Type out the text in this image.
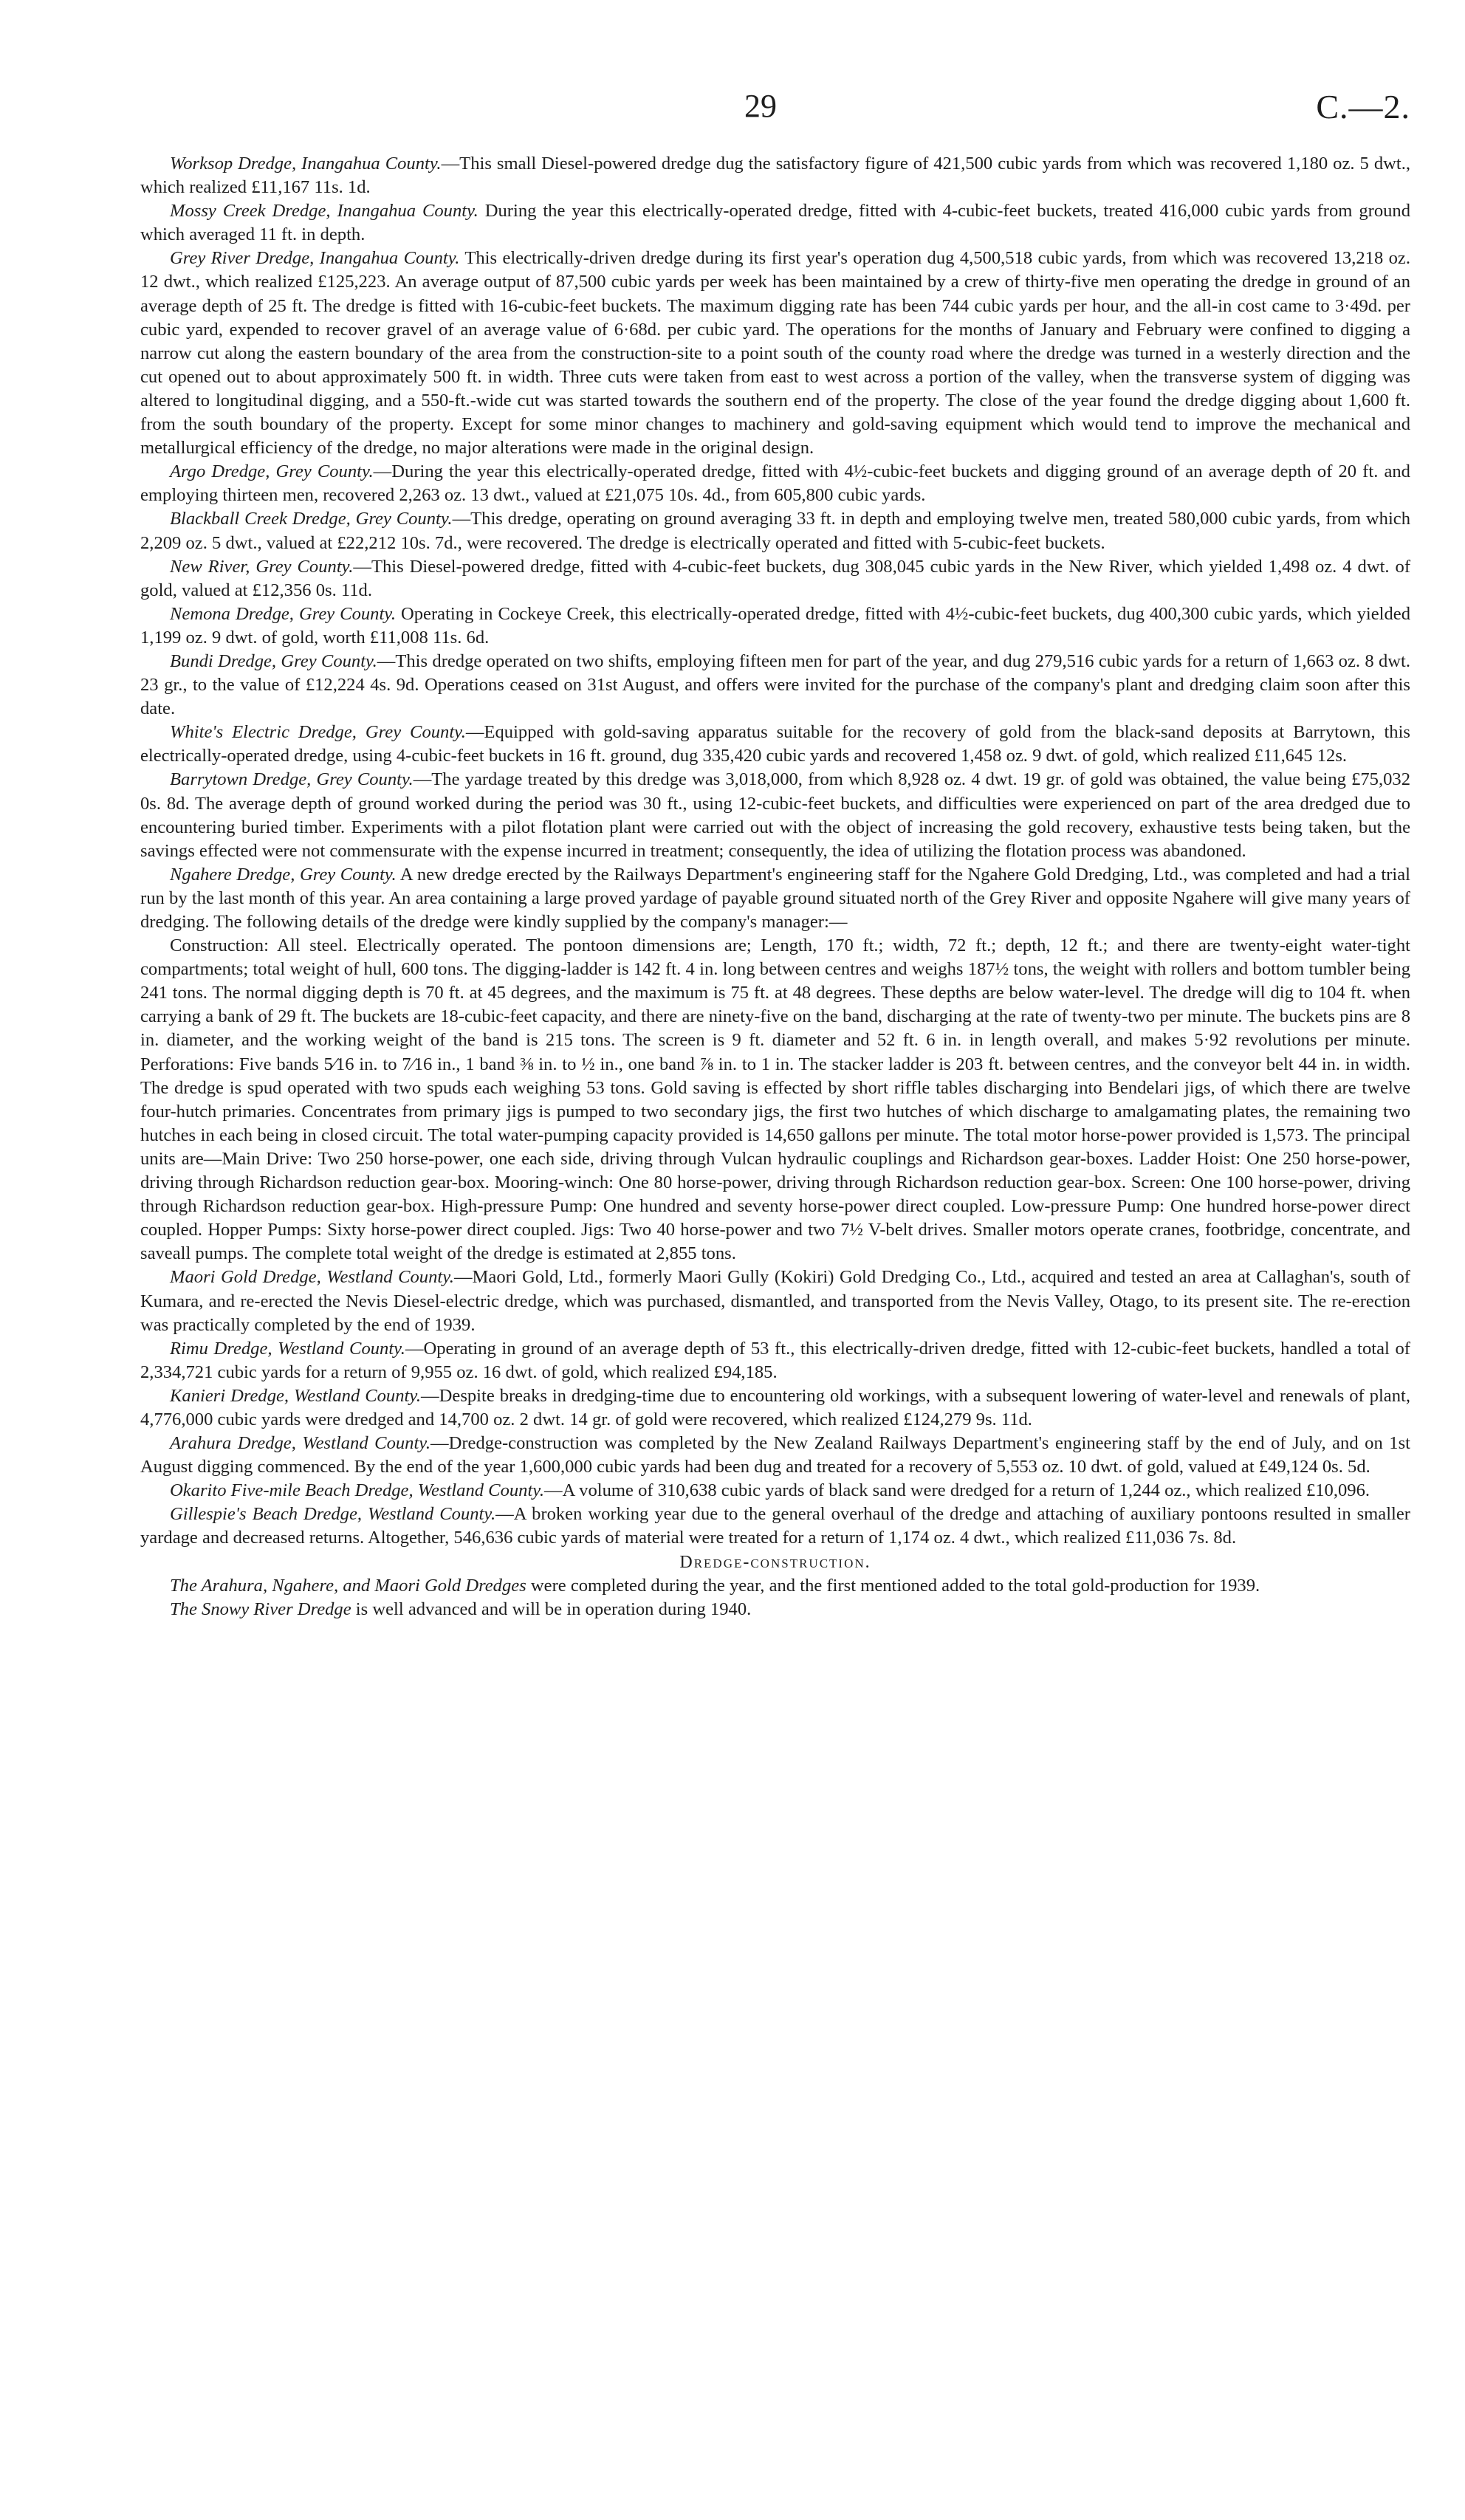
29	C.—2.

Worksop Dredge, Inangahua County.—This small Diesel-powered dredge dug the satisfactory figure of 421,500 cubic yards from which was recovered 1,180 oz. 5 dwt., which realized £11,167 11s. 1d.

Mossy Creek Dredge, Inangahua County. During the year this electrically-operated dredge, fitted with 4-cubic-feet buckets, treated 416,000 cubic yards from ground which averaged 11 ft. in depth.

Grey River Dredge, Inangahua County. This electrically-driven dredge during its first year's operation dug 4,500,518 cubic yards, from which was recovered 13,218 oz. 12 dwt., which realized £125,223. An average output of 87,500 cubic yards per week has been maintained by a crew of thirty-five men operating the dredge in ground of an average depth of 25 ft. The dredge is fitted with 16-cubic-feet buckets. The maximum digging rate has been 744 cubic yards per hour, and the all-in cost came to 3·49d. per cubic yard, expended to recover gravel of an average value of 6·68d. per cubic yard. The operations for the months of January and February were confined to digging a narrow cut along the eastern boundary of the area from the construction-site to a point south of the county road where the dredge was turned in a westerly direction and the cut opened out to about approximately 500 ft. in width. Three cuts were taken from east to west across a portion of the valley, when the transverse system of digging was altered to longitudinal digging, and a 550-ft.-wide cut was started towards the southern end of the property. The close of the year found the dredge digging about 1,600 ft. from the south boundary of the property. Except for some minor changes to machinery and gold-saving equipment which would tend to improve the mechanical and metallurgical efficiency of the dredge, no major alterations were made in the original design.

Argo Dredge, Grey County.—During the year this electrically-operated dredge, fitted with 4½-cubic-feet buckets and digging ground of an average depth of 20 ft. and employing thirteen men, recovered 2,263 oz. 13 dwt., valued at £21,075 10s. 4d., from 605,800 cubic yards.

Blackball Creek Dredge, Grey County.—This dredge, operating on ground averaging 33 ft. in depth and employing twelve men, treated 580,000 cubic yards, from which 2,209 oz. 5 dwt., valued at £22,212 10s. 7d., were recovered. The dredge is electrically operated and fitted with 5-cubic-feet buckets.

New River, Grey County.—This Diesel-powered dredge, fitted with 4-cubic-feet buckets, dug 308,045 cubic yards in the New River, which yielded 1,498 oz. 4 dwt. of gold, valued at £12,356 0s. 11d.

Nemona Dredge, Grey County. Operating in Cockeye Creek, this electrically-operated dredge, fitted with 4½-cubic-feet buckets, dug 400,300 cubic yards, which yielded 1,199 oz. 9 dwt. of gold, worth £11,008 11s. 6d.

Bundi Dredge, Grey County.—This dredge operated on two shifts, employing fifteen men for part of the year, and dug 279,516 cubic yards for a return of 1,663 oz. 8 dwt. 23 gr., to the value of £12,224 4s. 9d. Operations ceased on 31st August, and offers were invited for the purchase of the company's plant and dredging claim soon after this date.

White's Electric Dredge, Grey County.—Equipped with gold-saving apparatus suitable for the recovery of gold from the black-sand deposits at Barrytown, this electrically-operated dredge, using 4-cubic-feet buckets in 16 ft. ground, dug 335,420 cubic yards and recovered 1,458 oz. 9 dwt. of gold, which realized £11,645 12s.

Barrytown Dredge, Grey County.—The yardage treated by this dredge was 3,018,000, from which 8,928 oz. 4 dwt. 19 gr. of gold was obtained, the value being £75,032 0s. 8d. The average depth of ground worked during the period was 30 ft., using 12-cubic-feet buckets, and difficulties were experienced on part of the area dredged due to encountering buried timber. Experiments with a pilot flotation plant were carried out with the object of increasing the gold recovery, exhaustive tests being taken, but the savings effected were not commensurate with the expense incurred in treatment; consequently, the idea of utilizing the flotation process was abandoned.

Ngahere Dredge, Grey County. A new dredge erected by the Railways Department's engineering staff for the Ngahere Gold Dredging, Ltd., was completed and had a trial run by the last month of this year. An area containing a large proved yardage of payable ground situated north of the Grey River and opposite Ngahere will give many years of dredging. The following details of the dredge were kindly supplied by the company's manager:—

Construction: All steel. Electrically operated. The pontoon dimensions are; Length, 170 ft.; width, 72 ft.; depth, 12 ft.; and there are twenty-eight water-tight compartments; total weight of hull, 600 tons. The digging-ladder is 142 ft. 4 in. long between centres and weighs 187½ tons, the weight with rollers and bottom tumbler being 241 tons. The normal digging depth is 70 ft. at 45 degrees, and the maximum is 75 ft. at 48 degrees. These depths are below water-level. The dredge will dig to 104 ft. when carrying a bank of 29 ft. The buckets are 18-cubic-feet capacity, and there are ninety-five on the band, discharging at the rate of twenty-two per minute. The buckets pins are 8 in. diameter, and the working weight of the band is 215 tons. The screen is 9 ft. diameter and 52 ft. 6 in. in length overall, and makes 5·92 revolutions per minute. Perforations: Five bands 5⁄16 in. to 7⁄16 in., 1 band ⅜ in. to ½ in., one band ⅞ in. to 1 in. The stacker ladder is 203 ft. between centres, and the conveyor belt 44 in. in width. The dredge is spud operated with two spuds each weighing 53 tons. Gold saving is effected by short riffle tables discharging into Bendelari jigs, of which there are twelve four-hutch primaries. Concentrates from primary jigs is pumped to two secondary jigs, the first two hutches of which discharge to amalgamating plates, the remaining two hutches in each being in closed circuit. The total water-pumping capacity provided is 14,650 gallons per minute. The total motor horse-power provided is 1,573. The principal units are—Main Drive: Two 250 horse-power, one each side, driving through Vulcan hydraulic couplings and Richardson gear-boxes. Ladder Hoist: One 250 horse-power, driving through Richardson reduction gear-box. Mooring-winch: One 80 horse-power, driving through Richardson reduction gear-box. Screen: One 100 horse-power, driving through Richardson reduction gear-box. High-pressure Pump: One hundred and seventy horse-power direct coupled. Low-pressure Pump: One hundred horse-power direct coupled. Hopper Pumps: Sixty horse-power direct coupled. Jigs: Two 40 horse-power and two 7½ V-belt drives. Smaller motors operate cranes, footbridge, concentrate, and saveall pumps. The complete total weight of the dredge is estimated at 2,855 tons.

Maori Gold Dredge, Westland County.—Maori Gold, Ltd., formerly Maori Gully (Kokiri) Gold Dredging Co., Ltd., acquired and tested an area at Callaghan's, south of Kumara, and re-erected the Nevis Diesel-electric dredge, which was purchased, dismantled, and transported from the Nevis Valley, Otago, to its present site. The re-erection was practically completed by the end of 1939.

Rimu Dredge, Westland County.—Operating in ground of an average depth of 53 ft., this electrically-driven dredge, fitted with 12-cubic-feet buckets, handled a total of 2,334,721 cubic yards for a return of 9,955 oz. 16 dwt. of gold, which realized £94,185.

Kanieri Dredge, Westland County.—Despite breaks in dredging-time due to encountering old workings, with a subsequent lowering of water-level and renewals of plant, 4,776,000 cubic yards were dredged and 14,700 oz. 2 dwt. 14 gr. of gold were recovered, which realized £124,279 9s. 11d.

Arahura Dredge, Westland County.—Dredge-construction was completed by the New Zealand Railways Department's engineering staff by the end of July, and on 1st August digging commenced. By the end of the year 1,600,000 cubic yards had been dug and treated for a recovery of 5,553 oz. 10 dwt. of gold, valued at £49,124 0s. 5d.

Okarito Five-mile Beach Dredge, Westland County.—A volume of 310,638 cubic yards of black sand were dredged for a return of 1,244 oz., which realized £10,096.

Gillespie's Beach Dredge, Westland County.—A broken working year due to the general overhaul of the dredge and attaching of auxiliary pontoons resulted in smaller yardage and decreased returns. Altogether, 546,636 cubic yards of material were treated for a return of 1,174 oz. 4 dwt., which realized £11,036 7s. 8d.

Dredge-construction.

The Arahura, Ngahere, and Maori Gold Dredges were completed during the year, and the first mentioned added to the total gold-production for 1939.

The Snowy River Dredge is well advanced and will be in operation during 1940.
